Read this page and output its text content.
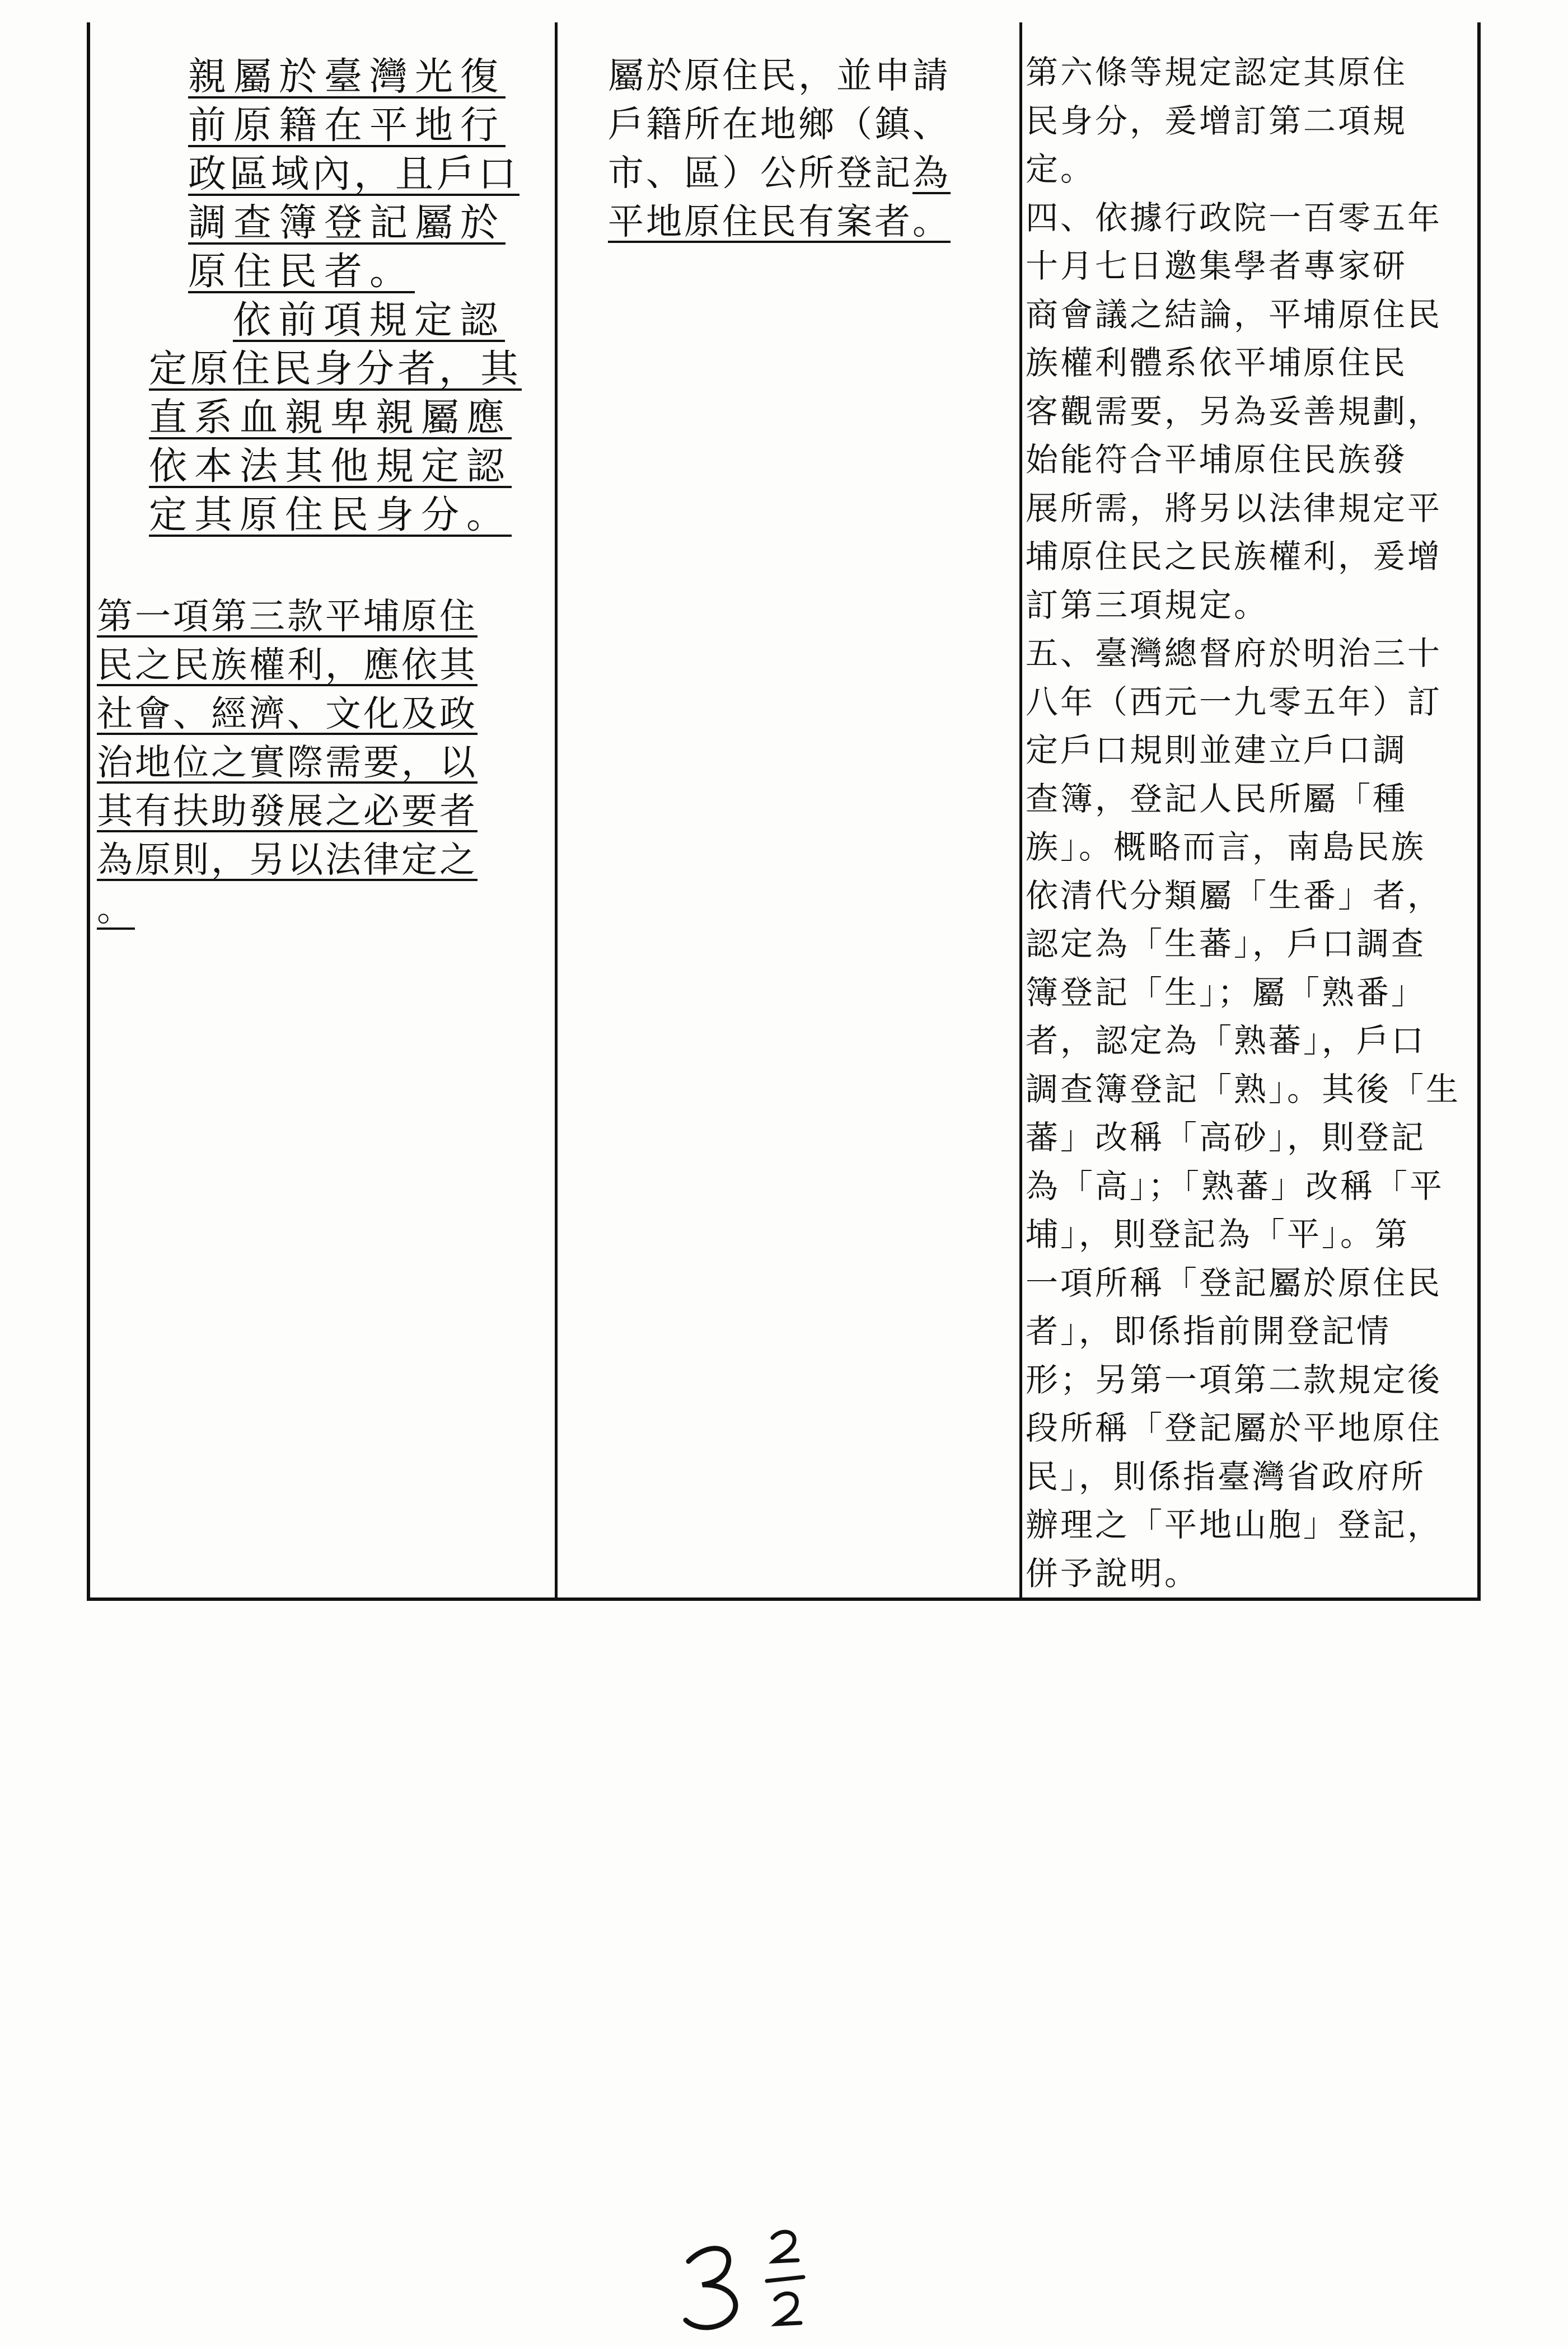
親屬於臺灣光復
前原籍在平地行
政區域內，且戶口
調查簿登記屬於
原住民者。
依前項規定認
定原住民身分者，其
直系血親卑親屬應
依本法其他規定認
定其原住民身分。
第一項第三款平埔原住
民之民族權利，應依其
社會、經濟、文化及政
治地位之實際需要，以
其有扶助發展之必要者
為原則，另以法律定之
。
屬於原住民，並申請
戶籍所在地鄉（鎮、
市、區）公所登記為
平地原住民有案者。
第六條等規定認定其原住
民身分，爰增訂第二項規
定。
四、依據行政院一百零五年
十月七日邀集學者專家研
商會議之結論，平埔原住民
族權利體系依平埔原住民
客觀需要，另為妥善規劃，
始能符合平埔原住民族發
展所需，將另以法律規定平
埔原住民之民族權利，爰增
訂第三項規定。
五、臺灣總督府於明治三十
八年（西元一九零五年）訂
定戶口規則並建立戶口調
查簿，登記人民所屬「種
族」。概略而言，南島民族
依清代分類屬「生番」者，
認定為「生蕃」，戶口調查
簿登記「生」；屬「熟番」
者，認定為「熟蕃」，戶口
調查簿登記「熟」。其後「生
蕃」改稱「高砂」，則登記
為「高」；「熟蕃」改稱「平
埔」，則登記為「平」。第
一項所稱「登記屬於原住民
者」，即係指前開登記情
形；另第一項第二款規定後
段所稱「登記屬於平地原住
民」，則係指臺灣省政府所
辦理之「平地山胞」登記，
併予說明。
